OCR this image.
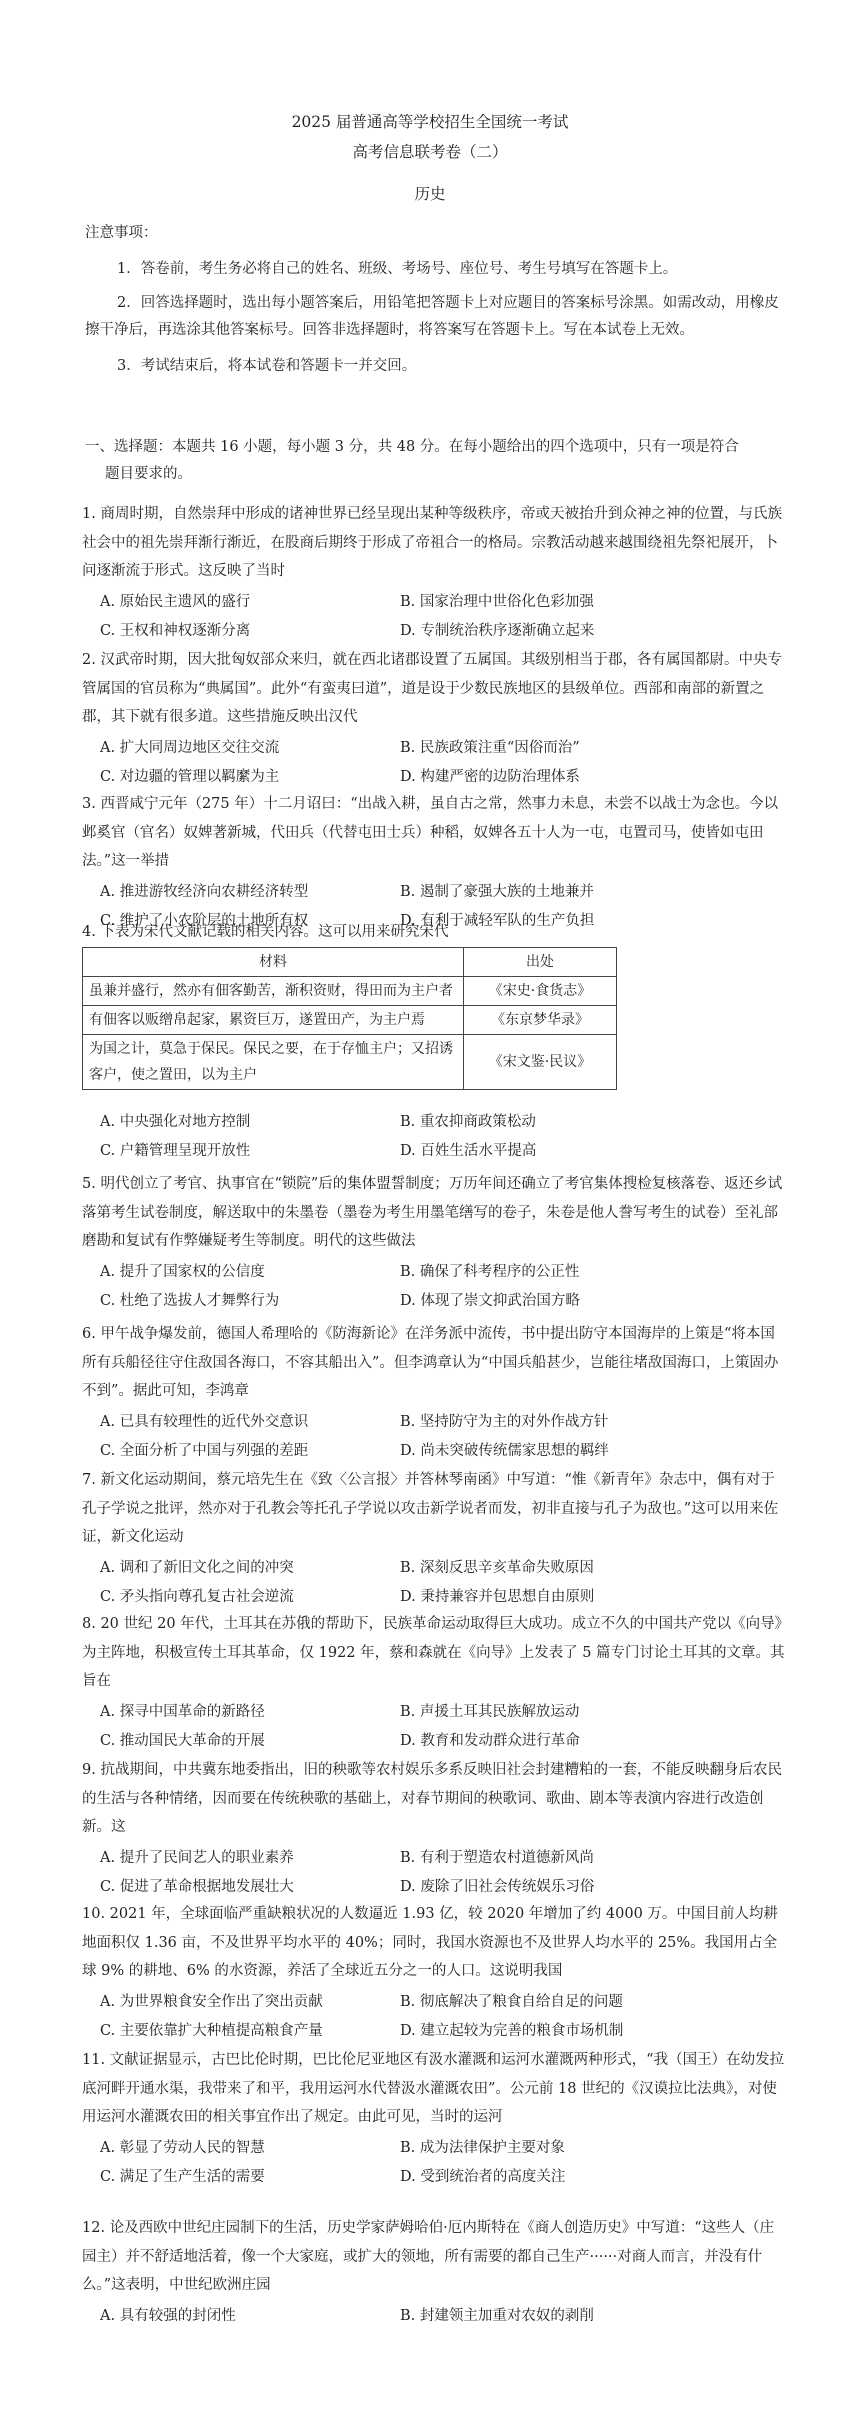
2025 届普通高等学校招生全国统一考试
高考信息联考卷（二）
历史
注意事项：
1．答卷前，考生务必将自己的姓名、班级、考场号、座位号、考生号填写在答题卡上。
2．回答选择题时，选出每小题答案后，用铅笔把答题卡上对应题目的答案标号涂黑。如需改动，用橡皮擦干净后，再选涂其他答案标号。回答非选择题时，将答案写在答题卡上。写在本试卷上无效。
3．考试结束后，将本试卷和答题卡一并交回。
一、选择题：本题共 16 小题，每小题 3 分，共 48 分。在每小题给出的四个选项中，只有一项是符合
题目要求的。
1. 商周时期，自然崇拜中形成的诸神世界已经呈现出某种等级秩序，帝或天被抬升到众神之神的位置，与氏族社会中的祖先崇拜渐行渐近，在股商后期终于形成了帝祖合一的格局。宗教活动越来越围绕祖先祭祀展开，卜问逐渐流于形式。这反映了当时
A. 原始民主遗风的盛行	B. 国家治理中世俗化色彩加强
C. 王权和神权逐渐分离	D. 专制统治秩序逐渐确立起来
2. 汉武帝时期，因大批匈奴部众来归，就在西北诸郡设置了五属国。其级别相当于郡，各有属国都尉。中央专管属国的官员称为“典属国”。此外“有蛮夷曰道”，道是设于少数民族地区的县级单位。西部和南部的新置之郡，其下就有很多道。这些措施反映出汉代
A. 扩大同周边地区交往交流	B. 民族政策注重“因俗而治”
C. 对边疆的管理以羁縻为主	D. 构建严密的边防治理体系
3. 西晋咸宁元年（275 年）十二月诏曰：“出战入耕，虽自古之常，然事力未息，未尝不以战士为念也。今以邺奚官（官名）奴婢著新城，代田兵（代替屯田士兵）种稻，奴婢各五十人为一屯，屯置司马，使皆如屯田法。”这一举措
A. 推进游牧经济向农耕经济转型	B. 遏制了豪强大族的土地兼并
C. 维护了小农阶层的土地所有权	D. 有利于减轻军队的生产负担
4. 下表为宋代文献记载的相关内容。这可以用来研究宋代
材料	出处
虽兼并盛行，然亦有佃客勤苦，渐积资财，得田而为主户者	《宋史·食货志》
有佃客以贩缯帛起家，累资巨万，遂置田产，为主户焉	《东京梦华录》
为国之计，莫急于保民。保民之要，在于存恤主户；又招诱客户，使之置田，以为主户	《宋文鉴·民议》
A. 中央强化对地方控制	B. 重农抑商政策松动
C. 户籍管理呈现开放性	D. 百姓生活水平提高
5. 明代创立了考官、执事官在“锁院”后的集体盟誓制度；万历年间还确立了考官集体搜检复核落卷、返还乡试落第考生试卷制度，解送取中的朱墨卷（墨卷为考生用墨笔缮写的卷子，朱卷是他人誊写考生的试卷）至礼部磨勘和复试有作弊嫌疑考生等制度。明代的这些做法
A. 提升了国家权的公信度	B. 确保了科考程序的公正性
C. 杜绝了选拔人才舞弊行为	D. 体现了崇文抑武治国方略
6. 甲午战争爆发前，德国人希理哈的《防海新论》在洋务派中流传，书中提出防守本国海岸的上策是“将本国所有兵船径往守住敌国各海口，不容其船出入”。但李鸿章认为“中国兵船甚少，岂能往堵敌国海口，上策固办不到”。据此可知，李鸿章
A. 已具有较理性的近代外交意识	B. 坚持防守为主的对外作战方针
C. 全面分析了中国与列强的差距	D. 尚未突破传统儒家思想的羁绊
7. 新文化运动期间，蔡元培先生在《致〈公言报〉并答林琴南函》中写道：“惟《新青年》杂志中，偶有对于孔子学说之批评，然亦对于孔教会等托孔子学说以攻击新学说者而发，初非直接与孔子为敌也。”这可以用来佐证，新文化运动
A. 调和了新旧文化之间的冲突	B. 深刻反思辛亥革命失败原因
C. 矛头指向尊孔复古社会逆流	D. 秉持兼容并包思想自由原则
8. 20 世纪 20 年代，土耳其在苏俄的帮助下，民族革命运动取得巨大成功。成立不久的中国共产党以《向导》为主阵地，积极宣传土耳其革命，仅 1922 年，蔡和森就在《向导》上发表了 5 篇专门讨论土耳其的文章。其旨在
A. 探寻中国革命的新路径	B. 声援土耳其民族解放运动
C. 推动国民大革命的开展	D. 教育和发动群众进行革命
9. 抗战期间，中共冀东地委指出，旧的秧歌等农村娱乐多系反映旧社会封建糟粕的一套，不能反映翻身后农民的生活与各种情绪，因而要在传统秧歌的基础上，对春节期间的秧歌词、歌曲、剧本等表演内容进行改造创新。这
A. 提升了民间艺人的职业素养	B. 有利于塑造农村道德新风尚
C. 促进了革命根据地发展壮大	D. 废除了旧社会传统娱乐习俗
10. 2021 年，全球面临严重缺粮状况的人数逼近 1.93 亿，较 2020 年增加了约 4000 万。中国目前人均耕地面积仅 1.36 亩，不及世界平均水平的 40%；同时，我国水资源也不及世界人均水平的 25%。我国用占全球 9% 的耕地、6% 的水资源，养活了全球近五分之一的人口。这说明我国
A. 为世界粮食安全作出了突出贡献	B. 彻底解决了粮食自给自足的问题
C. 主要依靠扩大种植提高粮食产量	D. 建立起较为完善的粮食市场机制
11. 文献证据显示，古巴比伦时期，巴比伦尼亚地区有汲水灌溉和运河水灌溉两种形式，“我（国王）在幼发拉底河畔开通水渠，我带来了和平，我用运河水代替汲水灌溉农田”。公元前 18 世纪的《汉谟拉比法典》，对使用运河水灌溉农田的相关事宜作出了规定。由此可见，当时的运河
A. 彰显了劳动人民的智慧	B. 成为法律保护主要对象
C. 满足了生产生活的需要	D. 受到统治者的高度关注
12. 论及西欧中世纪庄园制下的生活，历史学家萨姆哈伯·厄内斯特在《商人创造历史》中写道：“这些人（庄园主）并不舒适地活着，像一个大家庭，或扩大的领地，所有需要的都自己生产······对商人而言，并没有什么。”这表明，中世纪欧洲庄园
A. 具有较强的封闭性	B. 封建领主加重对农奴的剥削
